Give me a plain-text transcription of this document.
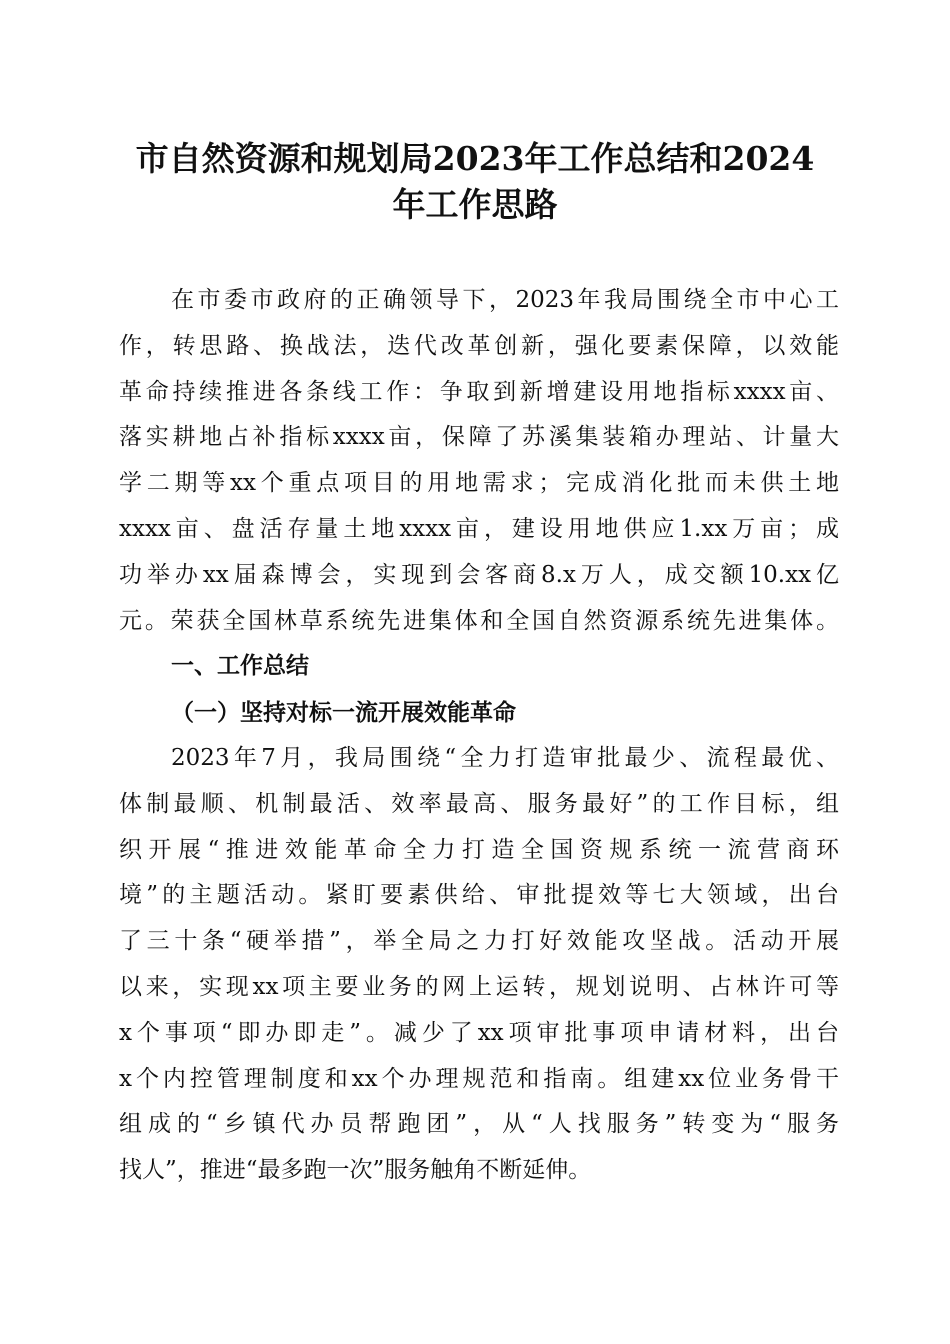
市自然资源和规划局2023年工作总结和2024
年工作思路
在市委市政府的正确领导下，2023年我局围绕全市中心工
作，转思路、换战法，迭代改革创新，强化要素保障，以效能
革命持续推进各条线工作：争取到新增建设用地指标xxxx亩、
落实耕地占补指标xxxx亩，保障了苏溪集装箱办理站、计量大
学二期等xx个重点项目的用地需求；完成消化批而未供土地
xxxx亩、盘活存量土地xxxx亩，建设用地供应1.xx万亩；成
功举办xx届森博会，实现到会客商8.x万人，成交额10.xx亿
元。荣获全国林草系统先进集体和全国自然资源系统先进集体。
一、工作总结
（一）坚持对标一流开展效能革命
2023年7月，我局围绕“全力打造审批最少、流程最优、
体制最顺、机制最活、效率最高、服务最好”的工作目标，组
织开展“推进效能革命全力打造全国资规系统一流营商环
境”的主题活动。紧盯要素供给、审批提效等七大领域，出台
了三十条“硬举措”，举全局之力打好效能攻坚战。活动开展
以来，实现xx项主要业务的网上运转，规划说明、占林许可等
x个事项“即办即走”。减少了xx项审批事项申请材料，出台
x个内控管理制度和xx个办理规范和指南。组建xx位业务骨干
组成的“乡镇代办员帮跑团”，从“人找服务”转变为“服务
找人”，推进“最多跑一次”服务触角不断延伸。
